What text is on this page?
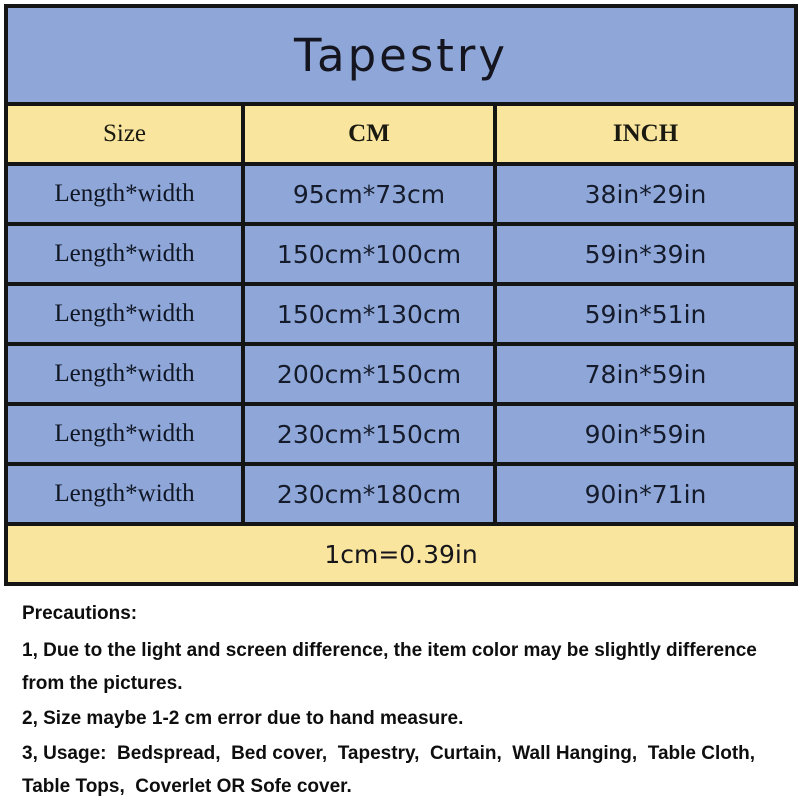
Tapestry		
Size	CM	INCH
Length*width	95cm*73cm	38in*29in
Length*width	150cm*100cm	59in*39in
Length*width	150cm*130cm	59in*51in
Length*width	200cm*150cm	78in*59in
Length*width	230cm*150cm	90in*59in
Length*width	230cm*180cm	90in*71in
1cm=0.39in		

Precautions:

1, Due to the light and screen difference, the item color may be slightly difference from the pictures.

2, Size maybe 1-2 cm error due to hand measure.

3, Usage:  Bedspread,  Bed cover,  Tapestry,  Curtain,  Wall Hanging,  Table Cloth,  Table Tops,  Coverlet OR Sofe cover.
